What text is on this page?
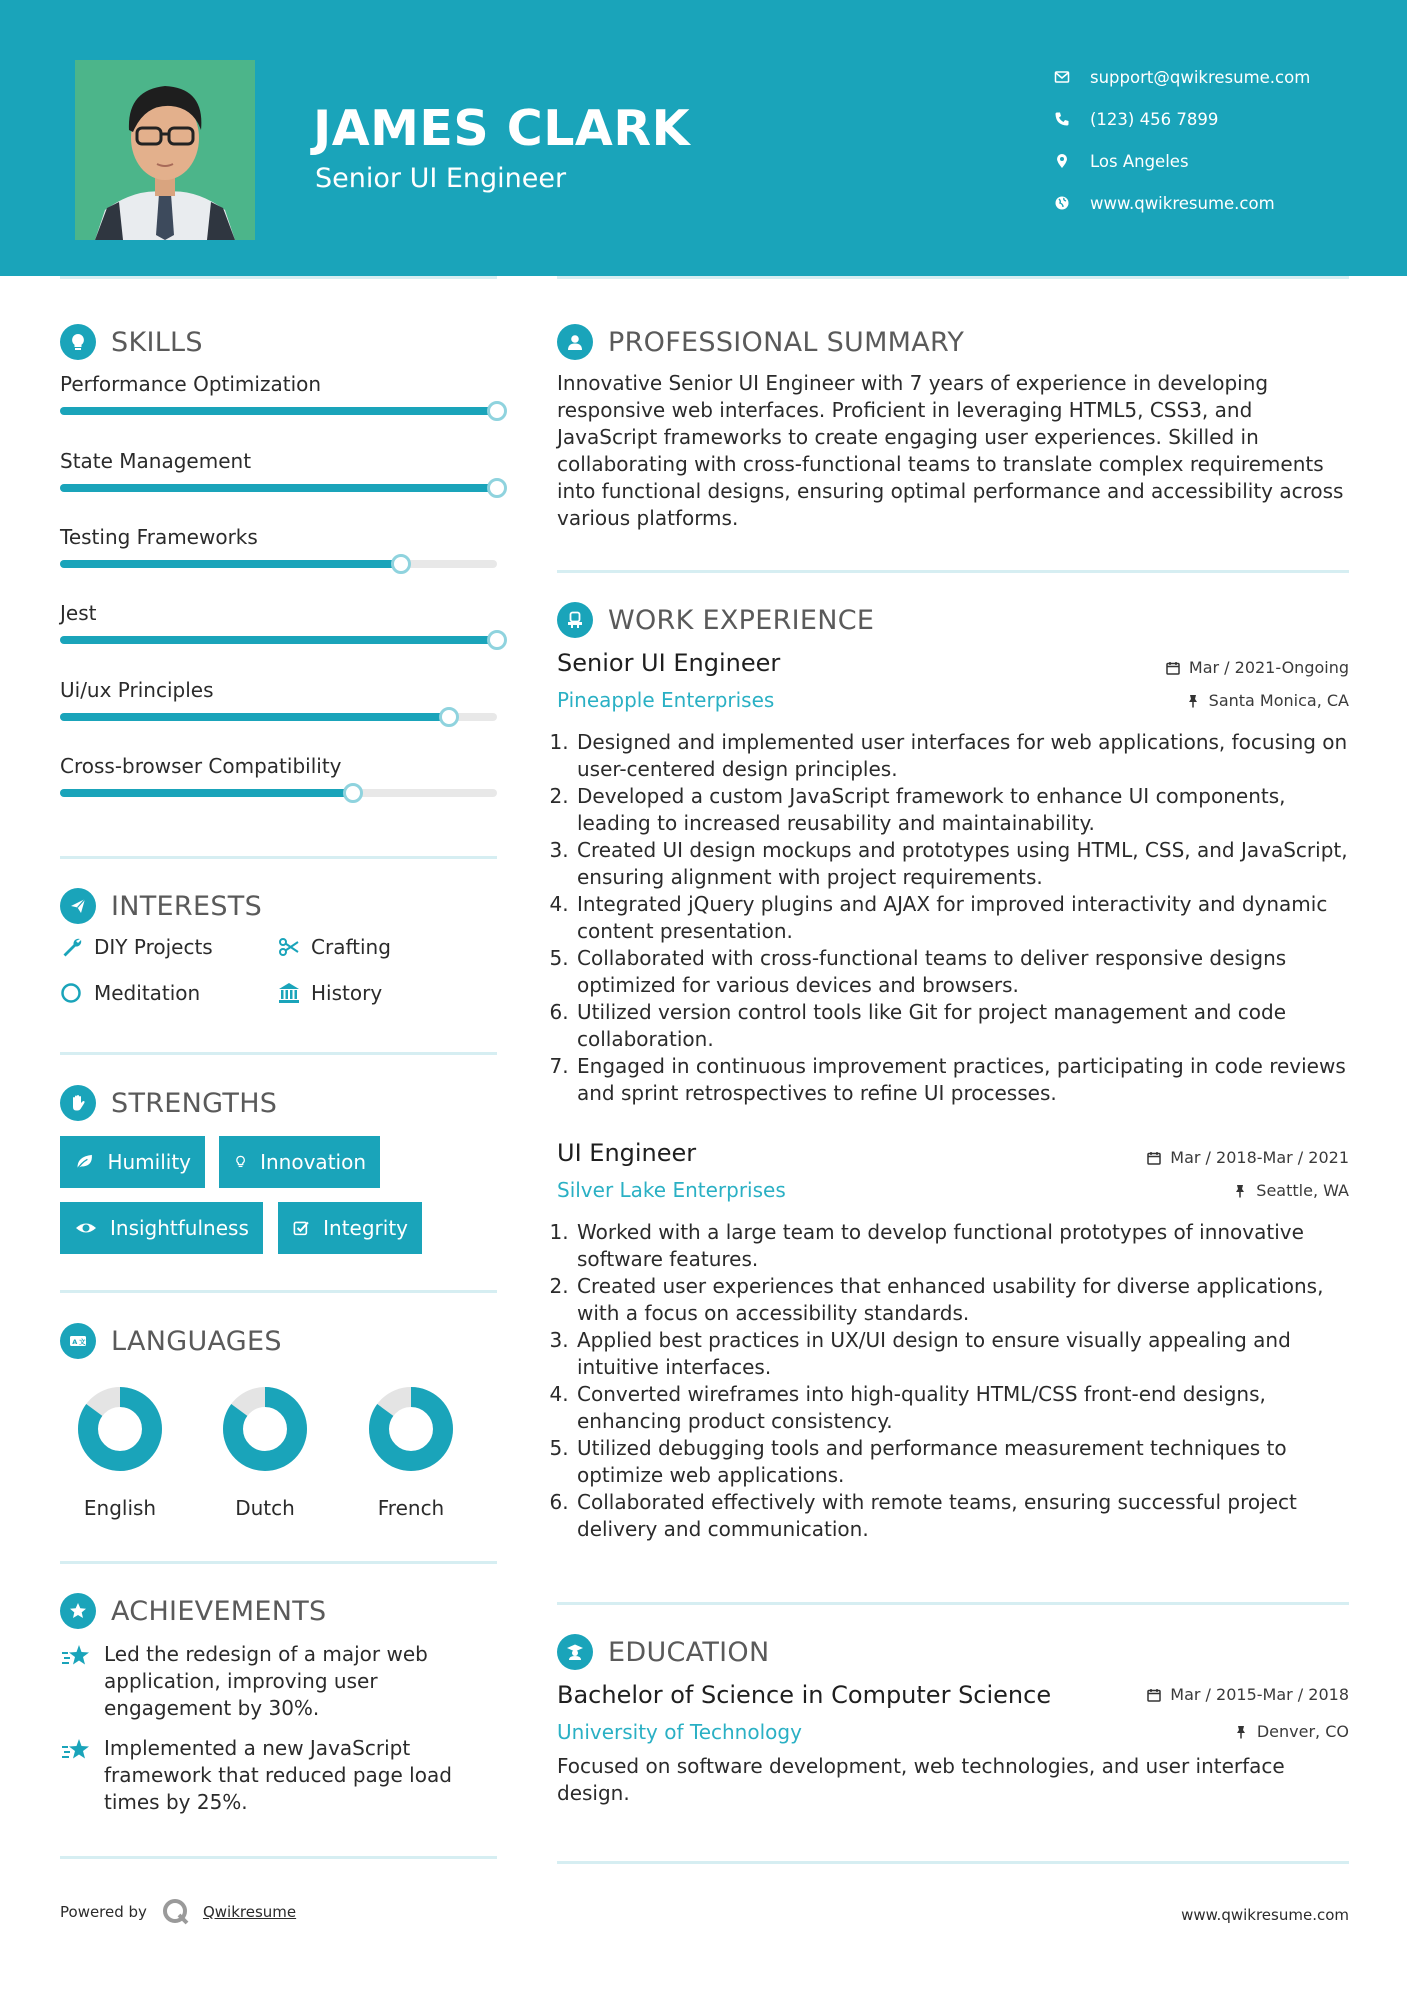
JAMES CLARK
Senior UI Engineer
support@qwikresume.com
(123) 456 7899
Los Angeles
www.qwikresume.com
SKILLS
Performance Optimization
State Management
Testing Frameworks
Jest
Ui/ux Principles
Cross-browser Compatibility
INTERESTS
DIY Projects	Crafting
Meditation	History
STRENGTHS
Humility	Innovation
Insightfulness	Integrity
A 文 LANGUAGES
English	Dutch	French
ACHIEVEMENTS
Led the redesign of a major web application, improving user engagement by 30%.
Implemented a new JavaScript framework that reduced page load times by 25%.
PROFESSIONAL SUMMARY
Innovative Senior UI Engineer with 7 years of experience in developing responsive web interfaces. Proficient in leveraging HTML5, CSS3, and JavaScript frameworks to create engaging user experiences. Skilled in collaborating with cross-functional teams to translate complex requirements into functional designs, ensuring optimal performance and accessibility across various platforms.
WORK EXPERIENCE
Senior UI Engineer	Mar / 2021-Ongoing
Pineapple Enterprises	Santa Monica, CA
1. Designed and implemented user interfaces for web applications, focusing on user-centered design principles.
2. Developed a custom JavaScript framework to enhance UI components, leading to increased reusability and maintainability.
3. Created UI design mockups and prototypes using HTML, CSS, and JavaScript, ensuring alignment with project requirements.
4. Integrated jQuery plugins and AJAX for improved interactivity and dynamic content presentation.
5. Collaborated with cross-functional teams to deliver responsive designs optimized for various devices and browsers.
6. Utilized version control tools like Git for project management and code collaboration.
7. Engaged in continuous improvement practices, participating in code reviews and sprint retrospectives to refine UI processes.
UI Engineer	Mar / 2018-Mar / 2021
Silver Lake Enterprises	Seattle, WA
1. Worked with a large team to develop functional prototypes of innovative software features.
2. Created user experiences that enhanced usability for diverse applications, with a focus on accessibility standards.
3. Applied best practices in UX/UI design to ensure visually appealing and intuitive interfaces.
4. Converted wireframes into high-quality HTML/CSS front-end designs, enhancing product consistency.
5. Utilized debugging tools and performance measurement techniques to optimize web applications.
6. Collaborated effectively with remote teams, ensuring successful project delivery and communication.
EDUCATION
Bachelor of Science in Computer Science	Mar / 2015-Mar / 2018
University of Technology	Denver, CO
Focused on software development, web technologies, and user interface design.
Powered by	Qwikresume	www.qwikresume.com
